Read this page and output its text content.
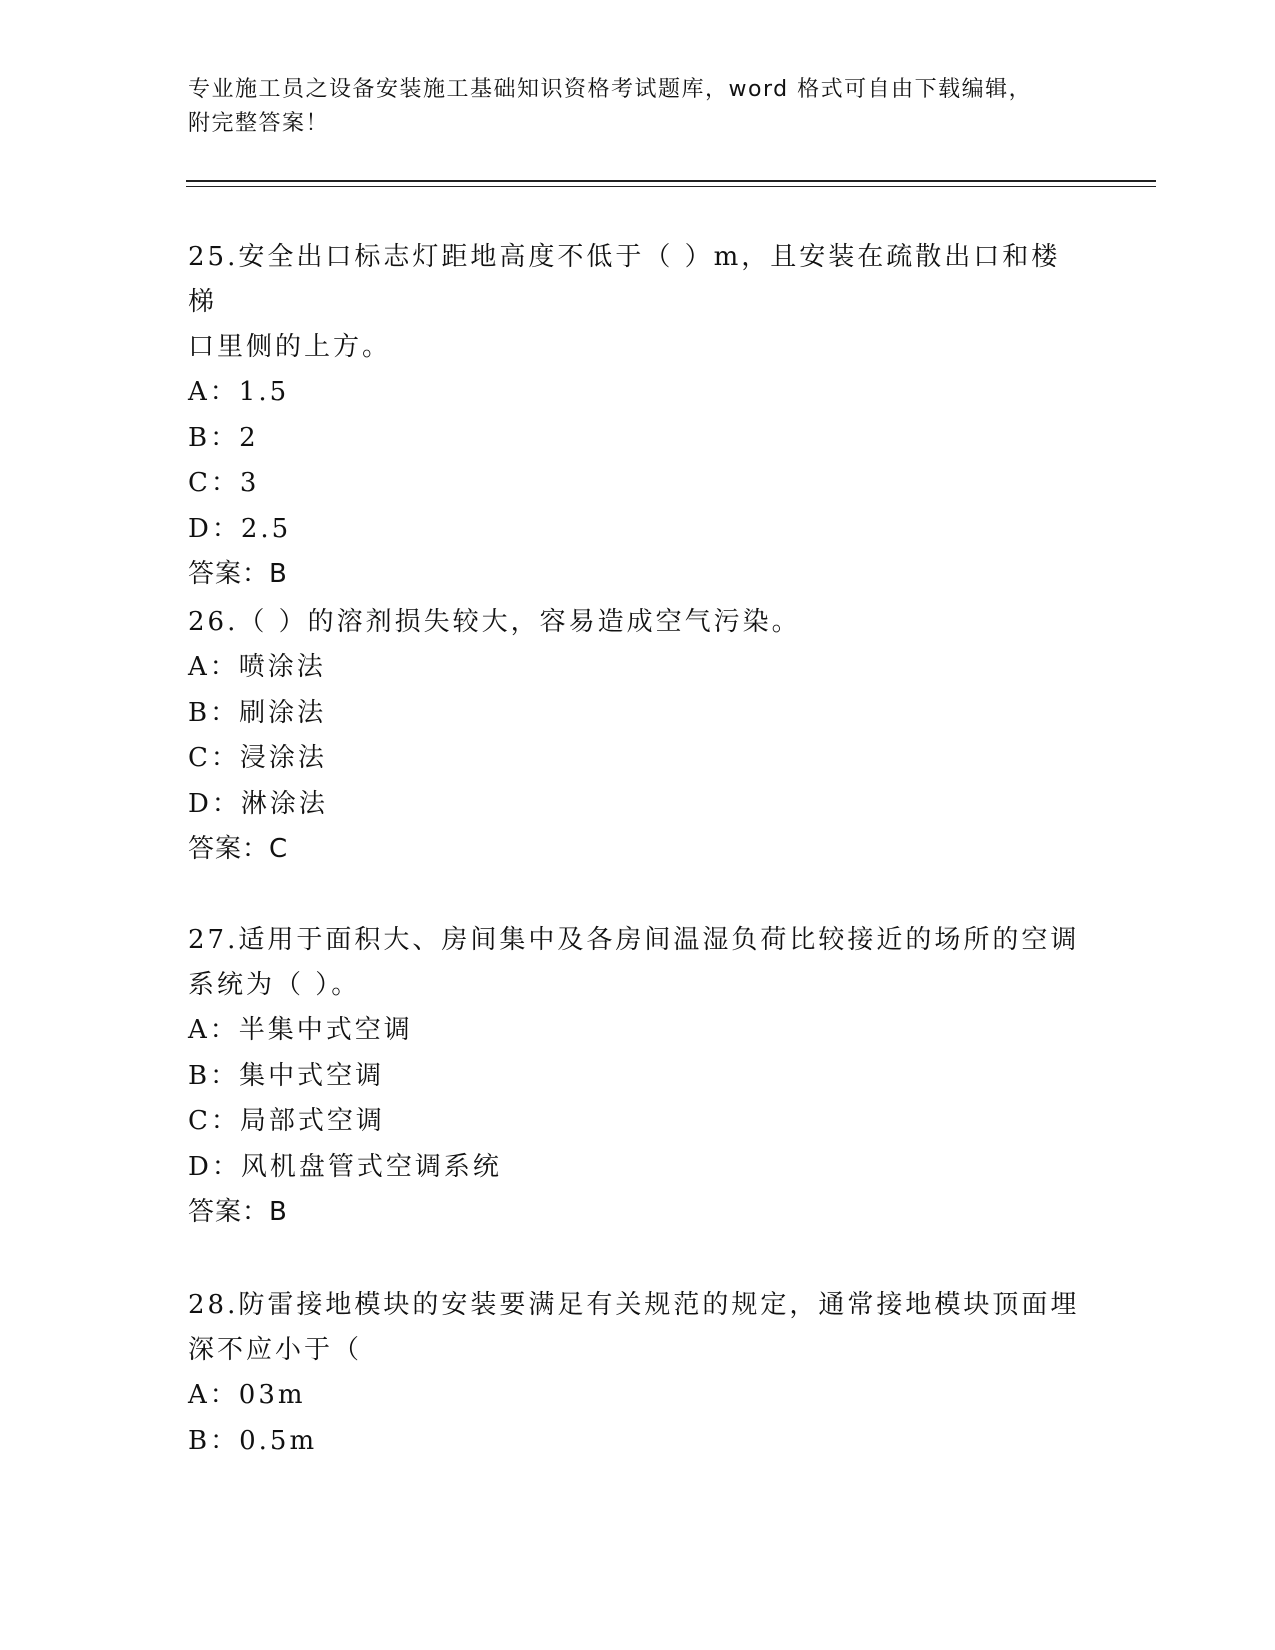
专业施工员之设备安装施工基础知识资格考试题库，word 格式可自由下载编辑，
附完整答案！

25.安全出口标志灯距地高度不低于（ ）m，且安装在疏散出口和楼梯
口里侧的上方。

A：1.5

B：2

C：3

D：2.5

答案：B

26.（ ）的溶剂损失较大，容易造成空气污染。

A：喷涂法

B：刷涂法

C：浸涂法

D：淋涂法

答案：C

27.适用于面积大、房间集中及各房间温湿负荷比较接近的场所的空调
系统为（ ）。

A：半集中式空调

B：集中式空调

C：局部式空调

D：风机盘管式空调系统

答案：B

28.防雷接地模块的安装要满足有关规范的规定，通常接地模块顶面埋
深不应小于（

A：03m

B：0.5m
